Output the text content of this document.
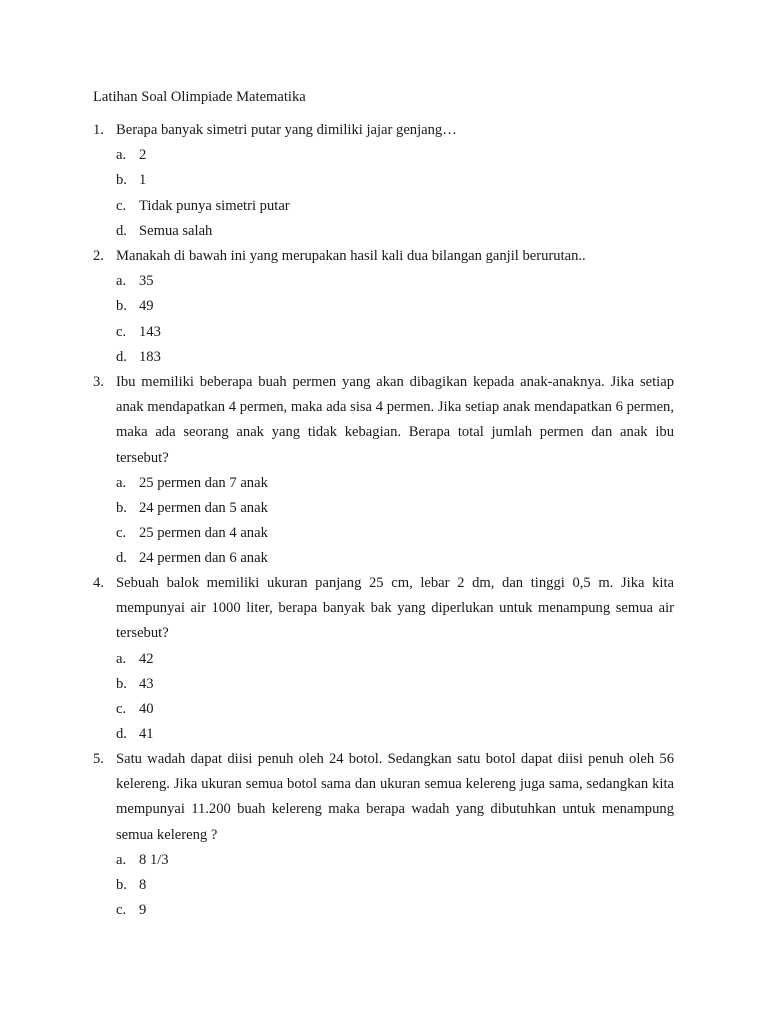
Latihan Soal Olimpiade Matematika
1. Berapa banyak simetri putar yang dimiliki jajar genjang…
a. 2
b. 1
c. Tidak punya simetri putar
d. Semua salah
2. Manakah di bawah ini yang merupakan hasil kali dua bilangan ganjil berurutan..
a. 35
b. 49
c. 143
d. 183
3. Ibu memiliki beberapa buah permen yang akan dibagikan kepada anak-anaknya. Jika setiap anak mendapatkan 4 permen, maka ada sisa 4 permen. Jika setiap anak mendapatkan 6 permen, maka ada seorang anak yang tidak kebagian. Berapa total jumlah permen dan anak ibu tersebut?
a. 25 permen dan 7 anak
b. 24 permen dan 5 anak
c. 25 permen dan 4 anak
d. 24 permen dan 6 anak
4. Sebuah balok memiliki ukuran panjang 25 cm, lebar 2 dm, dan tinggi 0,5 m. Jika kita mempunyai air 1000 liter, berapa banyak bak yang diperlukan untuk menampung semua air tersebut?
a. 42
b. 43
c. 40
d. 41
5. Satu wadah dapat diisi penuh oleh 24 botol. Sedangkan satu botol dapat diisi penuh oleh 56 kelereng. Jika ukuran semua botol sama dan ukuran semua kelereng juga sama, sedangkan kita mempunyai 11.200 buah kelereng maka berapa wadah yang dibutuhkan untuk menampung semua kelereng ?
a. 8 1/3
b. 8
c. 9
